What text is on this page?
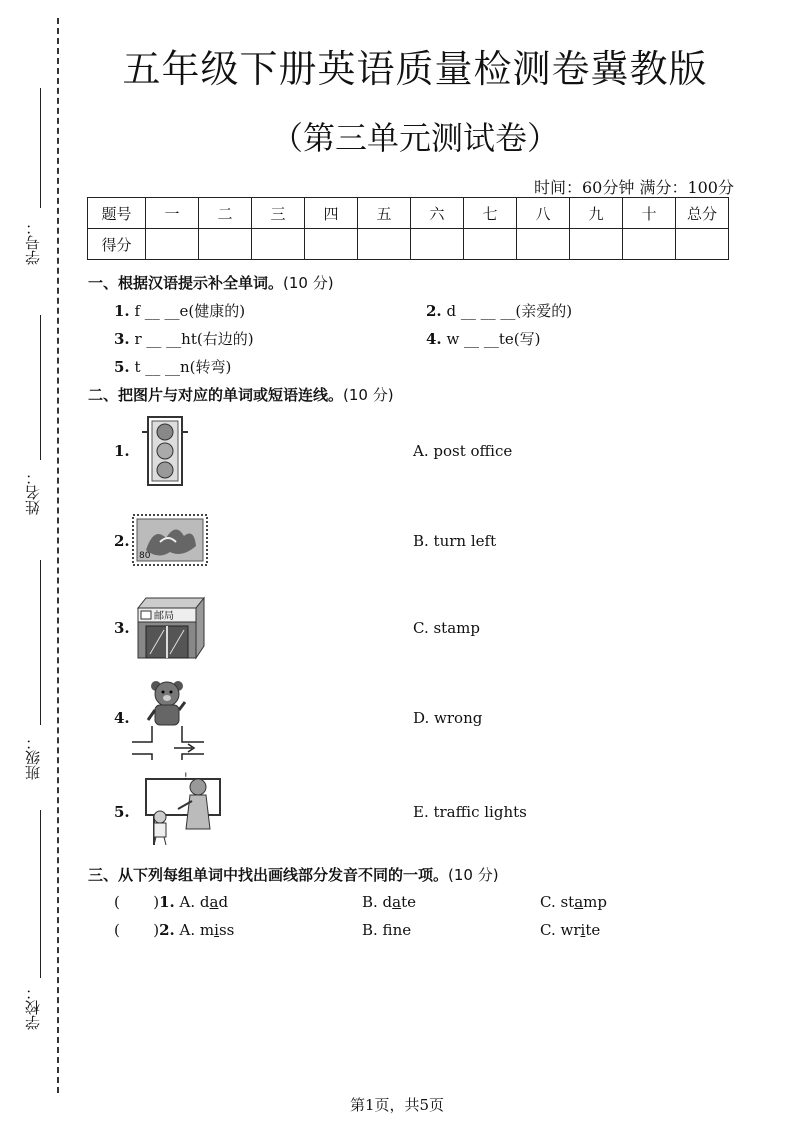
学号：
姓名：
班级：
学校：
五年级下册英语质量检测卷冀教版
（第三单元测试卷）
时间：60分钟 满分：100分
题号	一	二	三	四	五	六	七	八	九	十	总分
得分											
一、根据汉语提示补全单词。(10 分)
1. f __ __e(健康的)	2. d __ __ __(亲爱的)
3. r __ __ht(右边的)	4. w __ __te(写)
5. t __ __n(转弯)
二、把图片与对应的单词或短语连线。(10 分)
1.	A. post office
2.
80
B. turn left
3.
邮局
C. stamp
4.	D. wrong
5.
!
E. traffic lights
三、从下列每组单词中找出画线部分发音不同的一项。(10 分)
(       )1. A. dad	B. date	C. stamp
(       )2. A. miss	B. fne	C. write
第1页，共5页
